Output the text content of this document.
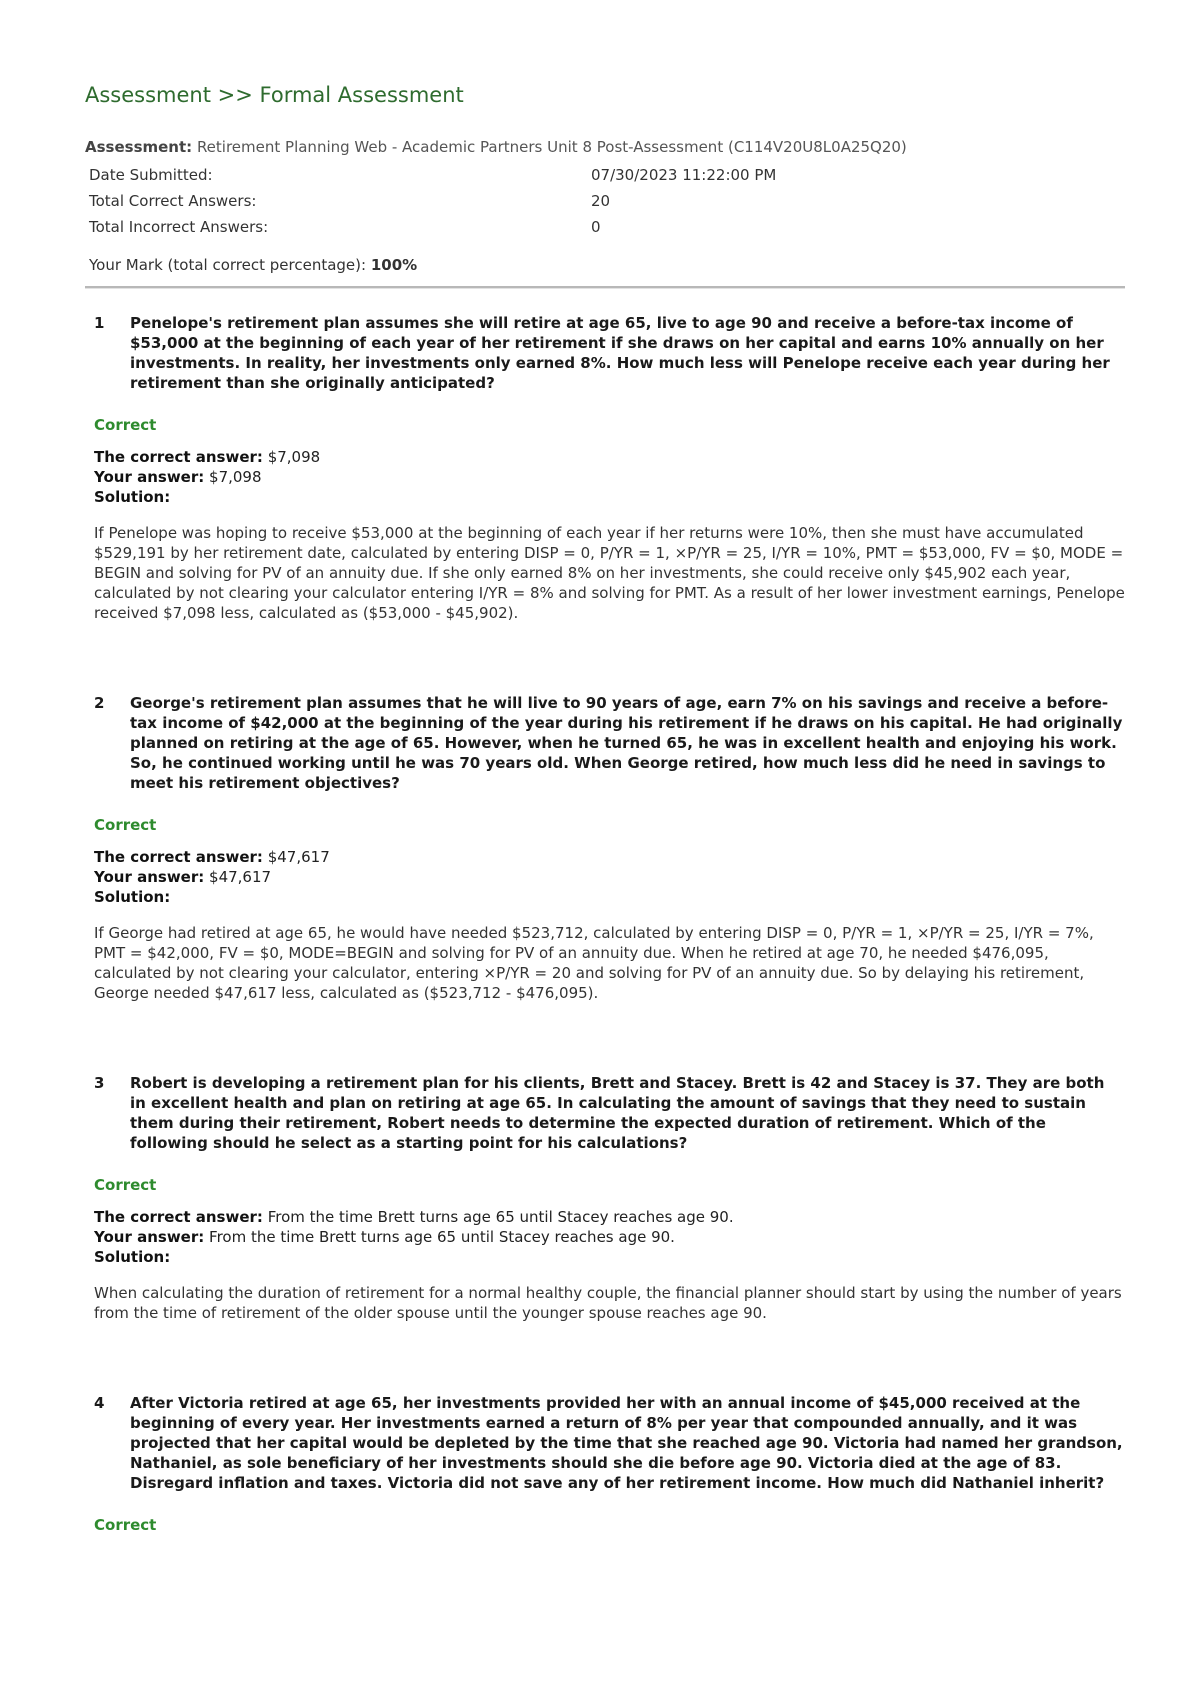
Assessment >> Formal Assessment
Assessment: Retirement Planning Web - Academic Partners Unit 8 Post-Assessment (C114V20U8L0A25Q20)
Date Submitted:	07/30/2023 11:22:00 PM
Total Correct Answers:	20
Total Incorrect Answers:	0
Your Mark (total correct percentage): 100%
1	Penelope's retirement plan assumes she will retire at age 65, live to age 90 and receive a before-tax income of $53,000 at the beginning of each year of her retirement if she draws on her capital and earns 10% annually on her investments. In reality, her investments only earned 8%. How much less will Penelope receive each year during her retirement than she originally anticipated?
Correct
The correct answer: $7,098
Your answer: $7,098
Solution:
If Penelope was hoping to receive $53,000 at the beginning of each year if her returns were 10%, then she must have accumulated $529,191 by her retirement date, calculated by entering DISP = 0, P/YR = 1, ×P/YR = 25, I/YR = 10%, PMT = $53,000, FV = $0, MODE = BEGIN and solving for PV of an annuity due. If she only earned 8% on her investments, she could receive only $45,902 each year, calculated by not clearing your calculator entering I/YR = 8% and solving for PMT. As a result of her lower investment earnings, Penelope received $7,098 less, calculated as ($53,000 - $45,902).
2	George's retirement plan assumes that he will live to 90 years of age, earn 7% on his savings and receive a before-tax income of $42,000 at the beginning of the year during his retirement if he draws on his capital. He had originally planned on retiring at the age of 65. However, when he turned 65, he was in excellent health and enjoying his work. So, he continued working until he was 70 years old. When George retired, how much less did he need in savings to meet his retirement objectives?
Correct
The correct answer: $47,617
Your answer: $47,617
Solution:
If George had retired at age 65, he would have needed $523,712, calculated by entering DISP = 0, P/YR = 1, ×P/YR = 25, I/YR = 7%, PMT = $42,000, FV = $0, MODE=BEGIN and solving for PV of an annuity due. When he retired at age 70, he needed $476,095, calculated by not clearing your calculator, entering ×P/YR = 20 and solving for PV of an annuity due. So by delaying his retirement, George needed $47,617 less, calculated as ($523,712 - $476,095).
3	Robert is developing a retirement plan for his clients, Brett and Stacey. Brett is 42 and Stacey is 37. They are both in excellent health and plan on retiring at age 65. In calculating the amount of savings that they need to sustain them during their retirement, Robert needs to determine the expected duration of retirement. Which of the following should he select as a starting point for his calculations?
Correct
The correct answer: From the time Brett turns age 65 until Stacey reaches age 90.
Your answer: From the time Brett turns age 65 until Stacey reaches age 90.
Solution:
When calculating the duration of retirement for a normal healthy couple, the financial planner should start by using the number of years from the time of retirement of the older spouse until the younger spouse reaches age 90.
4	After Victoria retired at age 65, her investments provided her with an annual income of $45,000 received at the beginning of every year. Her investments earned a return of 8% per year that compounded annually, and it was projected that her capital would be depleted by the time that she reached age 90. Victoria had named her grandson, Nathaniel, as sole beneficiary of her investments should she die before age 90. Victoria died at the age of 83. Disregard inflation and taxes. Victoria did not save any of her retirement income. How much did Nathaniel inherit?
Correct
